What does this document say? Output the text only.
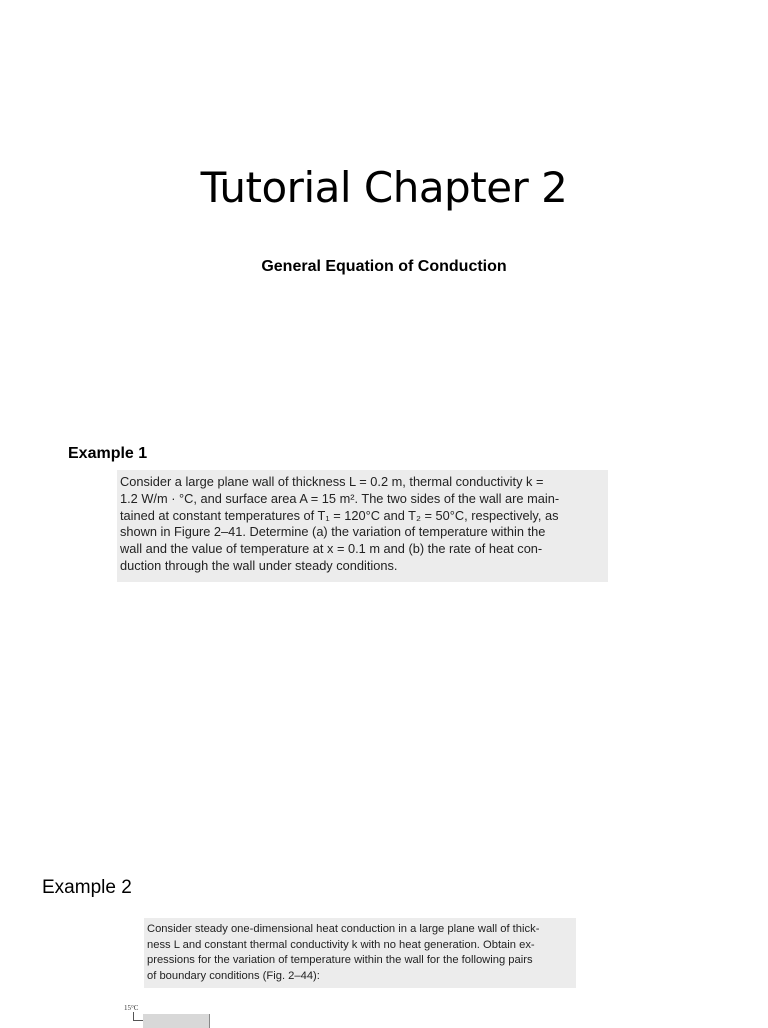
Tutorial Chapter 2
General Equation of Conduction
Example 1
Consider a large plane wall of thickness L = 0.2 m, thermal conductivity k =
1.2 W/m · °C, and surface area A = 15 m². The two sides of the wall are main-
tained at constant temperatures of T₁ = 120°C and T₂ = 50°C, respectively, as
shown in Figure 2–41. Determine (a) the variation of temperature within the
wall and the value of temperature at x = 0.1 m and (b) the rate of heat con-
duction through the wall under steady conditions.
Example 2
Consider steady one-dimensional heat conduction in a large plane wall of thick-
ness L and constant thermal conductivity k with no heat generation. Obtain ex-
pressions for the variation of temperature within the wall for the following pairs
of boundary conditions (Fig. 2–44):
15°C
